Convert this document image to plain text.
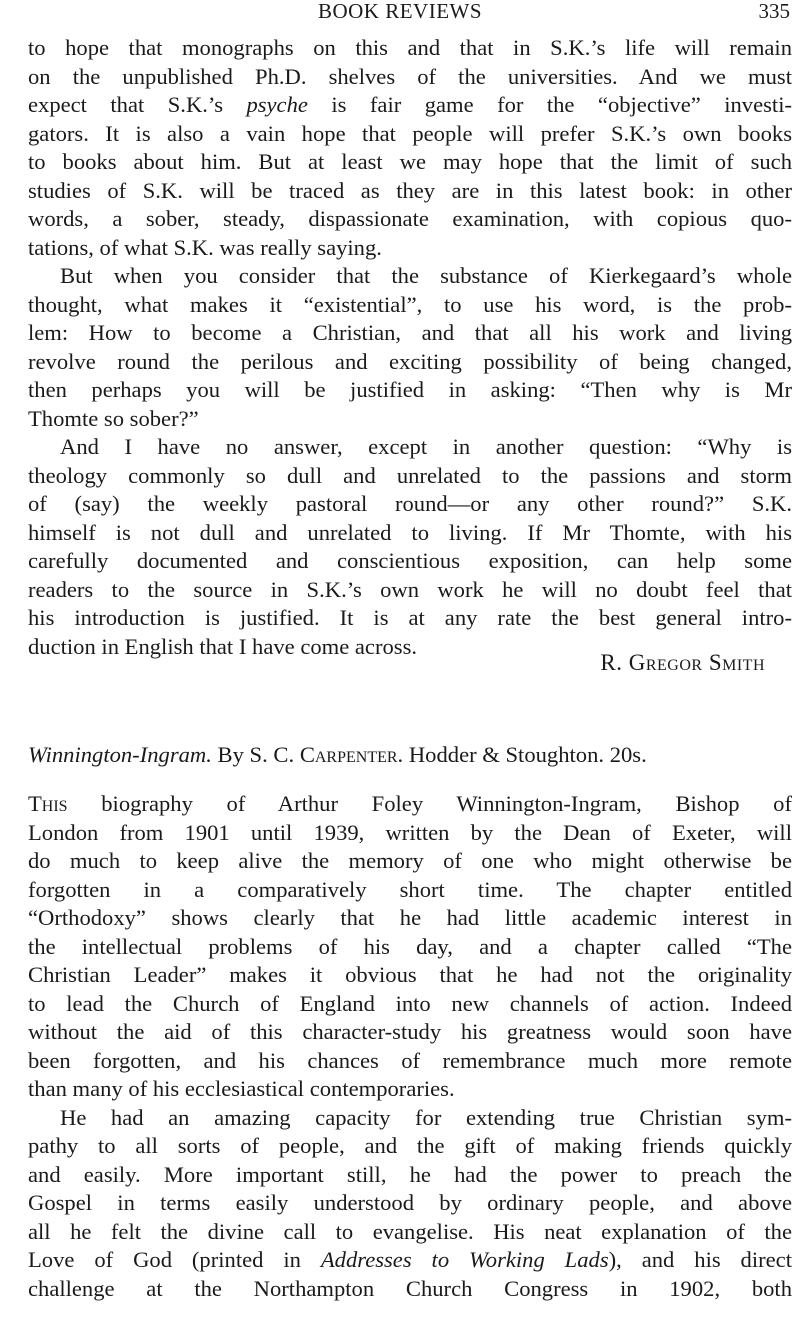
BOOK REVIEWS	335
to hope that monographs on this and that in S.K.’s life will remain
on the unpublished Ph.D. shelves of the universities. And we must
expect that S.K.’s psyche is fair game for the “objective” investi-
gators. It is also a vain hope that people will prefer S.K.’s own books
to books about him. But at least we may hope that the limit of such
studies of S.K. will be traced as they are in this latest book: in other
words, a sober, steady, dispassionate examination, with copious quo-
tations, of what S.K. was really saying.
But when you consider that the substance of Kierkegaard’s whole
thought, what makes it “existential”, to use his word, is the prob-
lem: How to become a Christian, and that all his work and living
revolve round the perilous and exciting possibility of being changed,
then perhaps you will be justified in asking: “Then why is Mr
Thomte so sober?”
And I have no answer, except in another question: “Why is
theology commonly so dull and unrelated to the passions and storm
of (say) the weekly pastoral round—or any other round?” S.K.
himself is not dull and unrelated to living. If Mr Thomte, with his
carefully documented and conscientious exposition, can help some
readers to the source in S.K.’s own work he will no doubt feel that
his introduction is justified. It is at any rate the best general intro-
duction in English that I have come across.
R. Gregor Smith
Winnington-Ingram. By S. C. Carpenter. Hodder & Stoughton. 20s.
This biography of Arthur Foley Winnington-Ingram, Bishop of
London from 1901 until 1939, written by the Dean of Exeter, will
do much to keep alive the memory of one who might otherwise be
forgotten in a comparatively short time. The chapter entitled
“Orthodoxy” shows clearly that he had little academic interest in
the intellectual problems of his day, and a chapter called “The
Christian Leader” makes it obvious that he had not the originality
to lead the Church of England into new channels of action. Indeed
without the aid of this character-study his greatness would soon have
been forgotten, and his chances of remembrance much more remote
than many of his ecclesiastical contemporaries.
He had an amazing capacity for extending true Christian sym-
pathy to all sorts of people, and the gift of making friends quickly
and easily. More important still, he had the power to preach the
Gospel in terms easily understood by ordinary people, and above
all he felt the divine call to evangelise. His neat explanation of the
Love of God (printed in Addresses to Working Lads), and his direct
challenge at the Northampton Church Congress in 1902, both
